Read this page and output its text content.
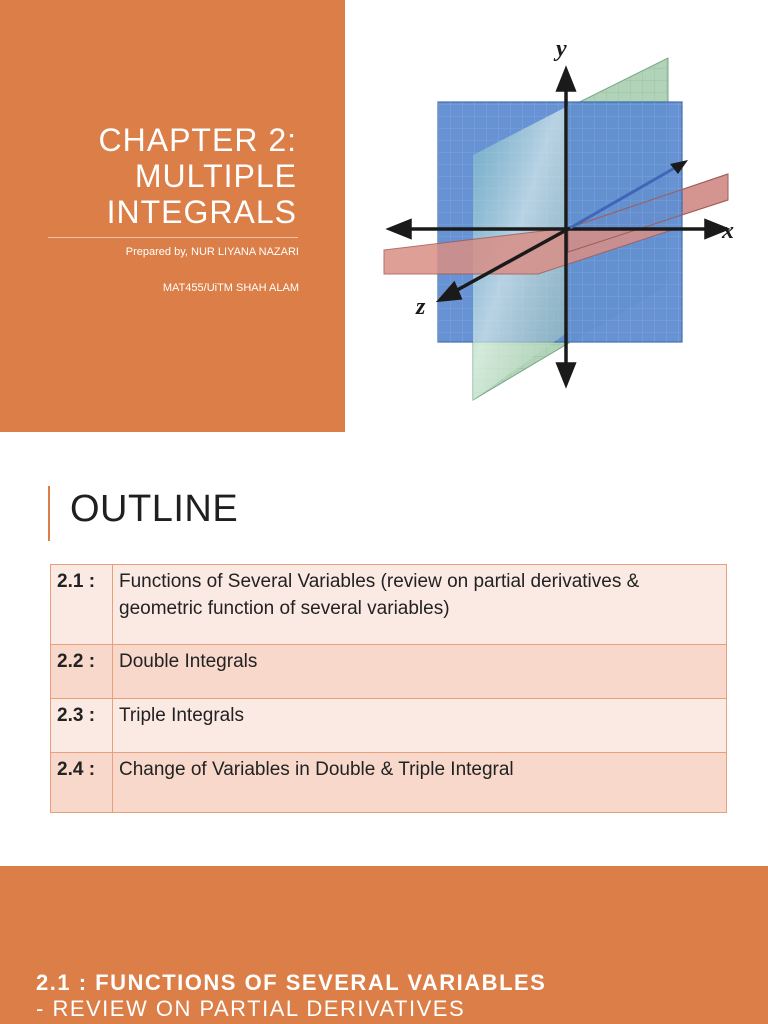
CHAPTER 2:
MULTIPLE
INTEGRALS
Prepared by, NUR LIYANA NAZARI
MAT455/UiTM SHAH ALAM
y
z
x
OUTLINE
2.1 :	Functions of Several Variables (review on partial derivatives & geometric function of several variables)
2.2 :	Double Integrals
2.3 :	Triple Integrals
2.4 :	Change of Variables in Double & Triple Integral
2.1 : FUNCTIONS OF SEVERAL VARIABLES
- REVIEW ON PARTIAL DERIVATIVES
